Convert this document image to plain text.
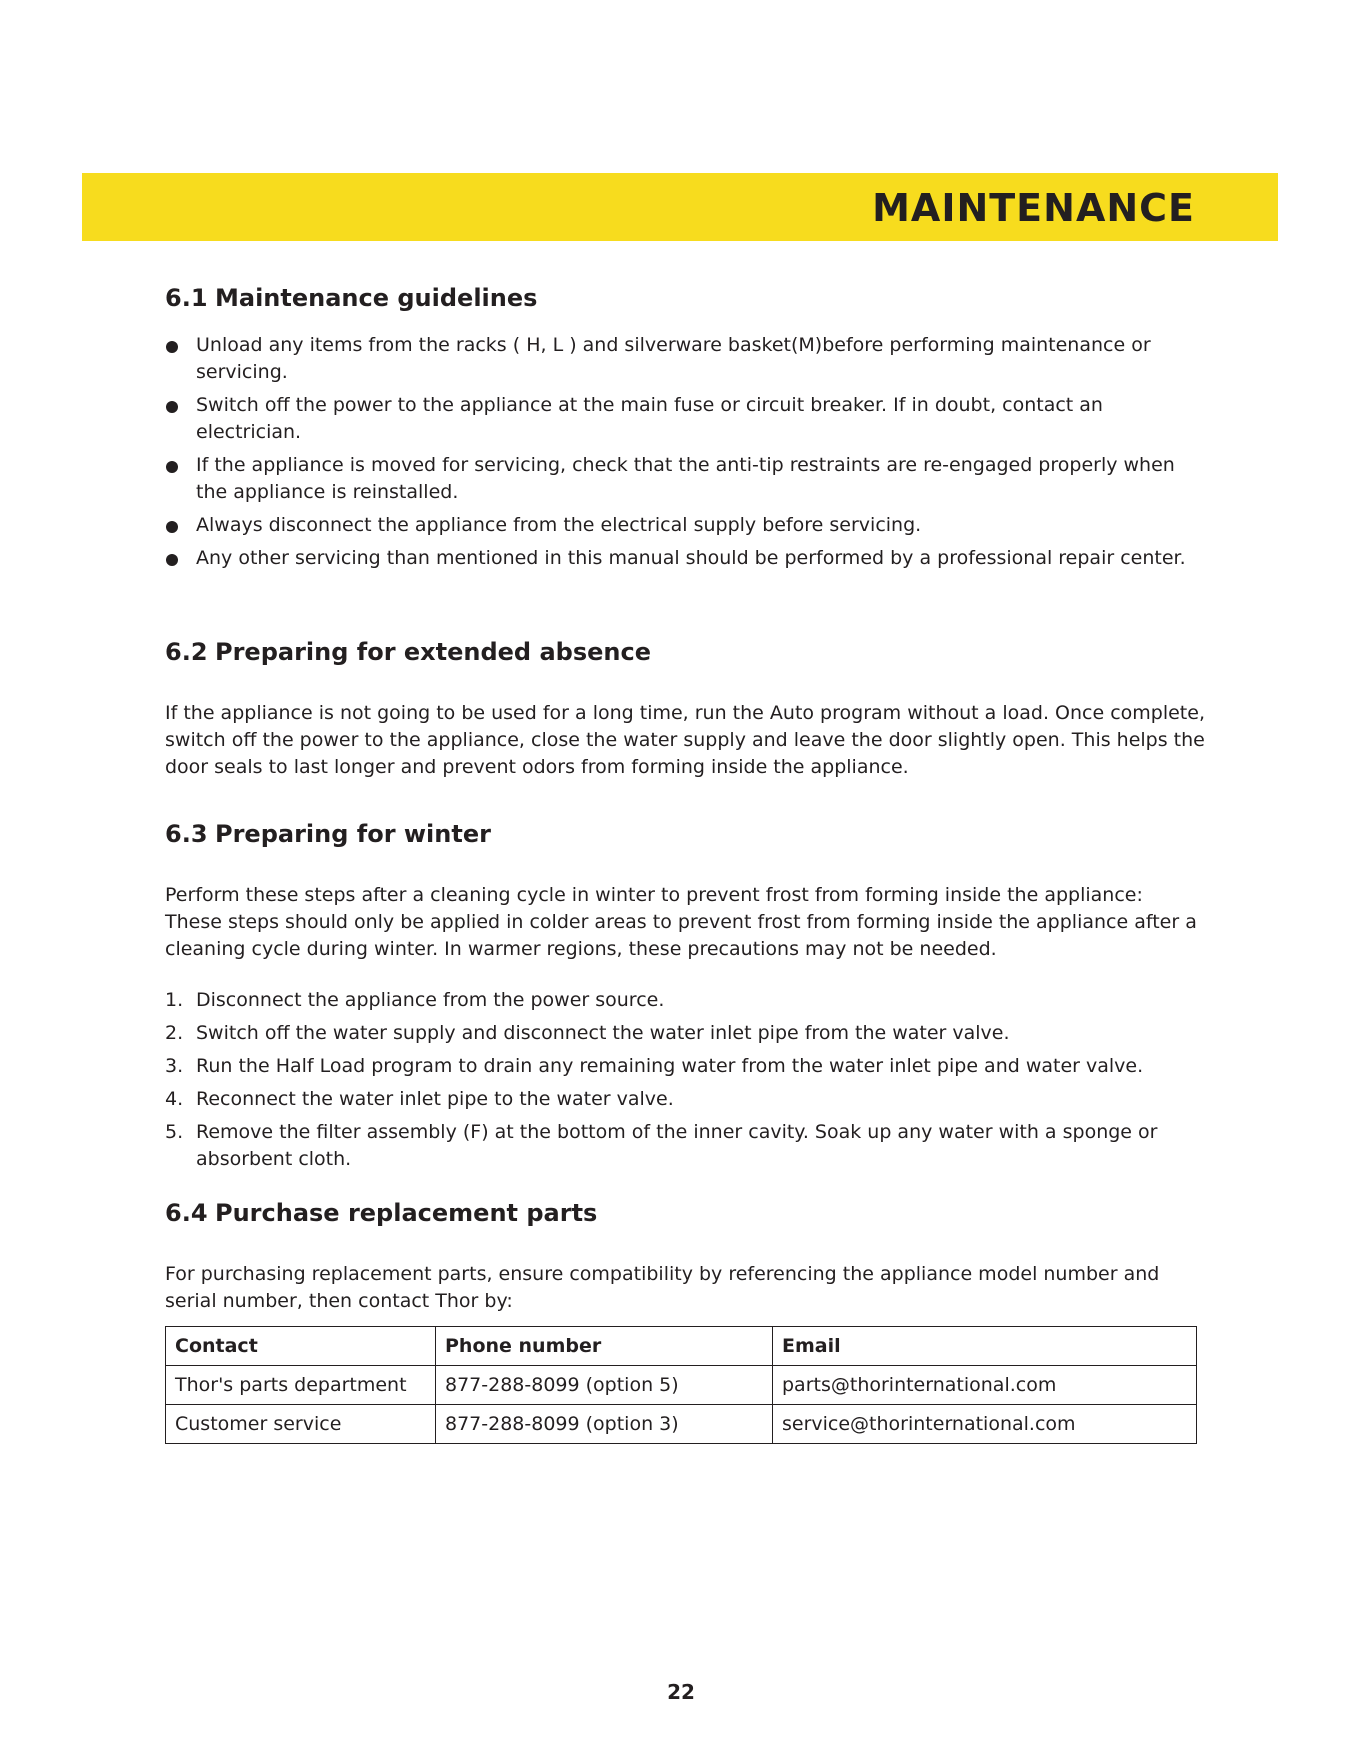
MAINTENANCE
6.1 Maintenance guidelines
Unload any items from the racks ( H, L ) and silverware basket(M)before performing maintenance or servicing.
Switch off the power to the appliance at the main fuse or circuit breaker. If in doubt, contact an electrician.
If the appliance is moved for servicing, check that the anti-tip restraints are re-engaged properly when the appliance is reinstalled.
Always disconnect the appliance from the electrical supply before servicing.
Any other servicing than mentioned in this manual should be performed by a professional repair center.
6.2 Preparing for extended absence

If the appliance is not going to be used for a long time, run the Auto program without a load. Once complete, switch off the power to the appliance, close the water supply and leave the door slightly open. This helps the door seals to last longer and prevent odors from forming inside the appliance.

6.3 Preparing for winter

Perform these steps after a cleaning cycle in winter to prevent frost from forming inside the appliance: These steps should only be applied in colder areas to prevent frost from forming inside the appliance after a cleaning cycle during winter. In warmer regions, these precautions may not be needed.

1. Disconnect the appliance from the power source.
2. Switch off the water supply and disconnect the water inlet pipe from the water valve.
3. Run the Half Load program to drain any remaining water from the water inlet pipe and water valve.
4. Reconnect the water inlet pipe to the water valve.
5. Remove the filter assembly (F) at the bottom of the inner cavity. Soak up any water with a sponge or absorbent cloth.
6.4 Purchase replacement parts

For purchasing replacement parts, ensure compatibility by referencing the appliance model number and serial number, then contact Thor by:

Contact	Phone number	Email
Thor's parts department	877-288-8099 (option 5)	parts@thorinternational.com
Customer service	877-288-8099 (option 3)	service@thorinternational.com
22
